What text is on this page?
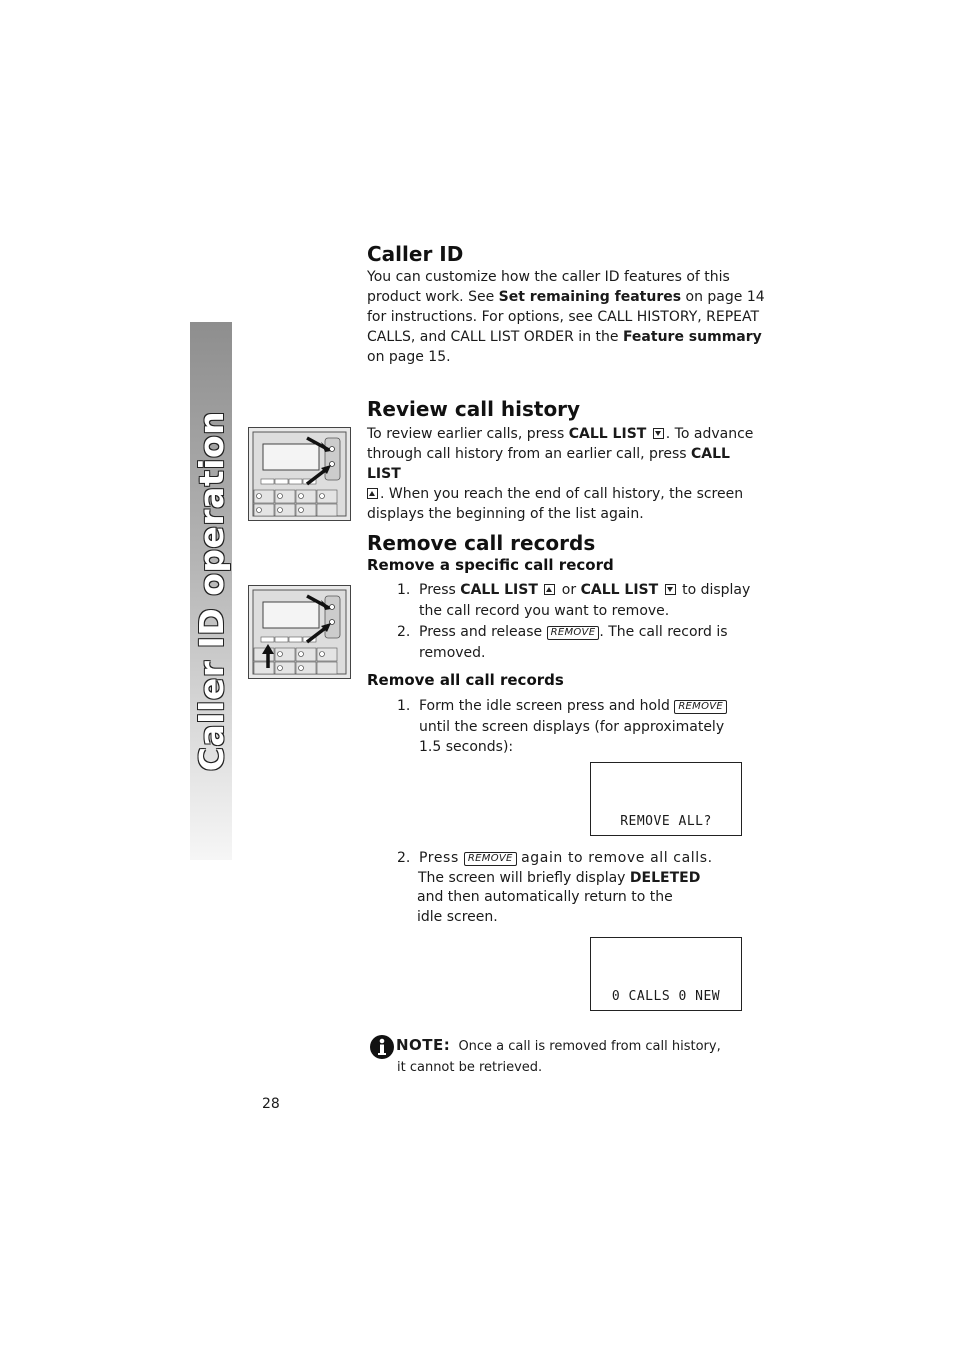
Caller ID operation
Caller ID
You can customize how the caller ID features of this product work. See Set remaining features on page 14 for instructions. For options, see CALL HISTORY, REPEAT CALLS, and CALL LIST ORDER in the Feature summary on page 15.
Review call history
To review earlier calls, press CALL LIST . To advance through call history from an earlier call, press CALL LIST

. When you reach the end of call history, the screen displays the beginning of the list again.
Remove call records
Remove a specific call record
1. Press CALL LIST
or CALL LIST
to display the call record you want to remove.
2. Press and release REMOVE . The call record is removed.
Remove all call records
1. Form the idle screen press and hold REMOVE until the screen displays (for approximately 1.5 seconds):
REMOVE ALL?
2. Press REMOVE again to remove all calls.
The screen will briefly display DELETED
and then automatically return to the idle screen.
0 CALLS 0 NEW
NOTE: Once a call is removed from call history,
it cannot be retrieved.
28
